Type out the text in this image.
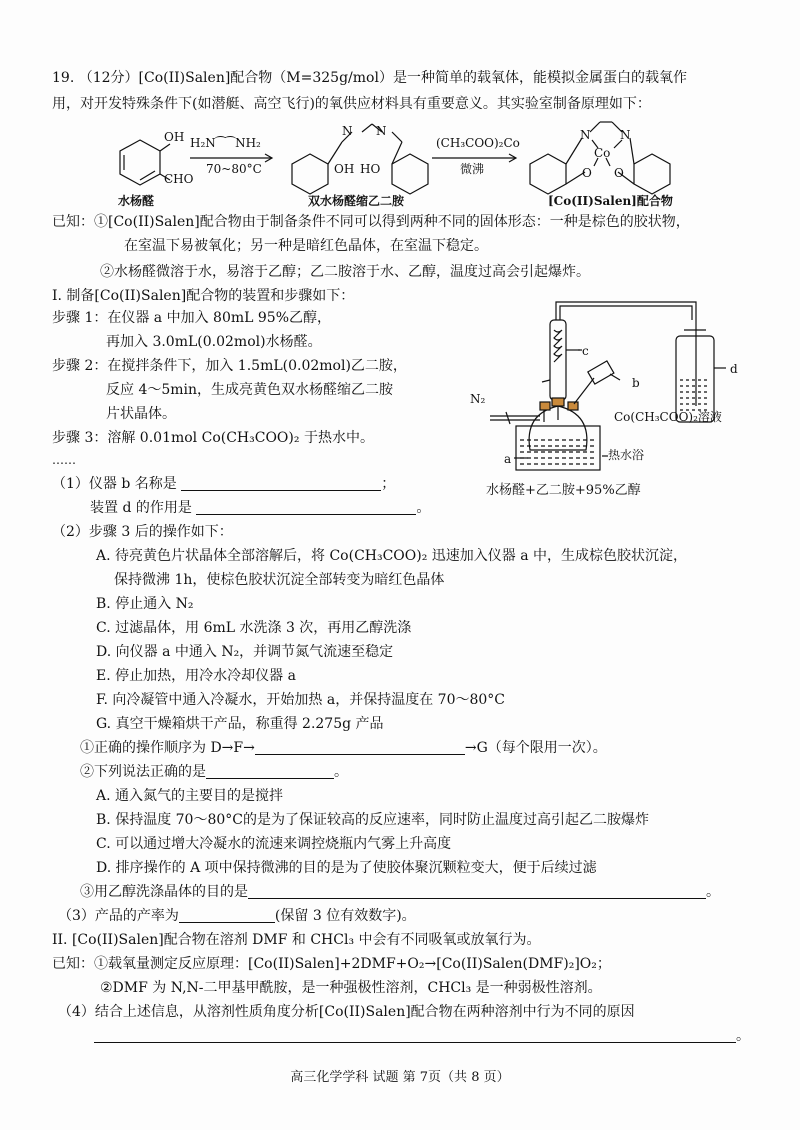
19. （12分）[Co(II)Salen]配合物（M=325g/mol）是一种简单的载氧体，能模拟金属蛋白的载氧作
用，对开发特殊条件下(如潜艇、高空飞行)的氧供应材料具有重要意义。其实验室制备原理如下：
OH
CHO
H₂N⁀⁀NH₂
70~80°C
N N
OH HO
(CH₃COO)₂Co
微沸
N N
Co
O O
水杨醛	双水杨醛缩乙二胺	[Co(II)Salen]配合物
已知：①[Co(II)Salen]配合物由于制备条件不同可以得到两种不同的固体形态：一种是棕色的胶状物，
在室温下易被氧化；另一种是暗红色晶体，在室温下稳定。
②水杨醛微溶于水，易溶于乙醇；乙二胺溶于水、乙醇，温度过高会引起爆炸。
I. 制备[Co(II)Salen]配合物的装置和步骤如下：
步骤 1：在仪器 a 中加入 80mL 95%乙醇，
再加入 3.0mL(0.02mol)水杨醛。
步骤 2：在搅拌条件下，加入 1.5mL(0.02mol)乙二胺，
反应 4～5min，生成亮黄色双水杨醛缩乙二胺
片状晶体。
步骤 3：溶解 0.01mol Co(CH₃COO)₂ 于热水中。
……
c
b
d
N₂
Co(CH₃COO)₂溶液
热水浴
a
水杨醛+乙二胺+95%乙醇
（1）仪器 b 名称是	；
装置 d 的作用是	。
（2）步骤 3 后的操作如下：
A. 待亮黄色片状晶体全部溶解后，将 Co(CH₃COO)₂ 迅速加入仪器 a 中，生成棕色胶状沉淀，
保持微沸 1h，使棕色胶状沉淀全部转变为暗红色晶体
B. 停止通入 N₂
C. 过滤晶体，用 6mL 水洗涤 3 次，再用乙醇洗涤
D. 向仪器 a 中通入 N₂，并调节氮气流速至稳定
E. 停止加热，用冷水冷却仪器 a
F. 向冷凝管中通入冷凝水，开始加热 a，并保持温度在 70～80°C
G. 真空干燥箱烘干产品，称重得 2.275g 产品
①正确的操作顺序为 D→F→	→G（每个限用一次）。
②下列说法正确的是	。
A. 通入氮气的主要目的是搅拌
B. 保持温度 70～80°C的是为了保证较高的反应速率，同时防止温度过高引起乙二胺爆炸
C. 可以通过增大冷凝水的流速来调控烧瓶内气雾上升高度
D. 排序操作的 A 项中保持微沸的目的是为了使胶体聚沉颗粒变大，便于后续过滤
③用乙醇洗涤晶体的目的是	。
（3）产品的产率为	(保留 3 位有效数字)。
II. [Co(II)Salen]配合物在溶剂 DMF 和 CHCl₃ 中会有不同吸氧或放氧行为。
已知：①载氧量测定反应原理：[Co(II)Salen]+2DMF+O₂→[Co(II)Salen(DMF)₂]O₂；
②DMF 为 N,N-二甲基甲酰胺，是一种强极性溶剂，CHCl₃ 是一种弱极性溶剂。
（4）结合上述信息，从溶剂性质角度分析[Co(II)Salen]配合物在两种溶剂中行为不同的原因
。
高三化学学科 试题 第 7页（共 8 页）
